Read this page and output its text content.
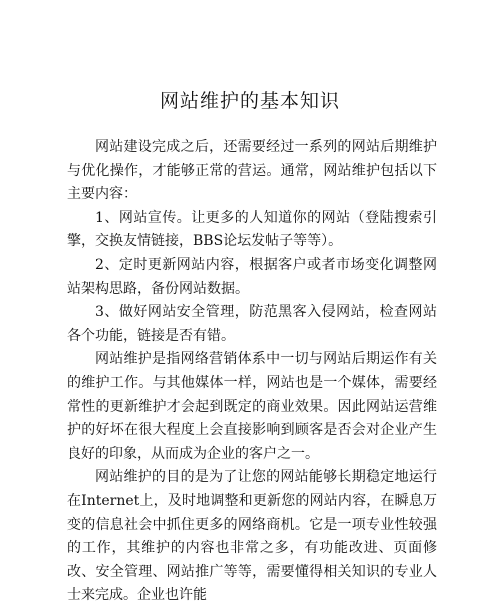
网站维护的基本知识

网站建设完成之后，还需要经过一系列的网站后期维护与优化操作，才能够正常的营运。通常，网站维护包括以下主要内容：

1、网站宣传。让更多的人知道你的网站（登陆搜索引擎，交换友情链接，BBS论坛发帖子等等）。

2、定时更新网站内容，根据客户或者市场变化调整网站架构思路，备份网站数据。

3、做好网站安全管理，防范黑客入侵网站，检查网站各个功能，链接是否有错。

网站维护是指网络营销体系中一切与网站后期运作有关的维护工作。与其他媒体一样，网站也是一个媒体，需要经常性的更新维护才会起到既定的商业效果。因此网站运营维护的好坏在很大程度上会直接影响到顾客是否会对企业产生良好的印象，从而成为企业的客户之一。

网站维护的目的是为了让您的网站能够长期稳定地运行在Internet上，及时地调整和更新您的网站内容，在瞬息万变的信息社会中抓住更多的网络商机。它是一项专业性较强的工作，其维护的内容也非常之多，有功能改进、页面修改、安全管理、网站推广等等，需要懂得相关知识的专业人士来完成。企业也许能
